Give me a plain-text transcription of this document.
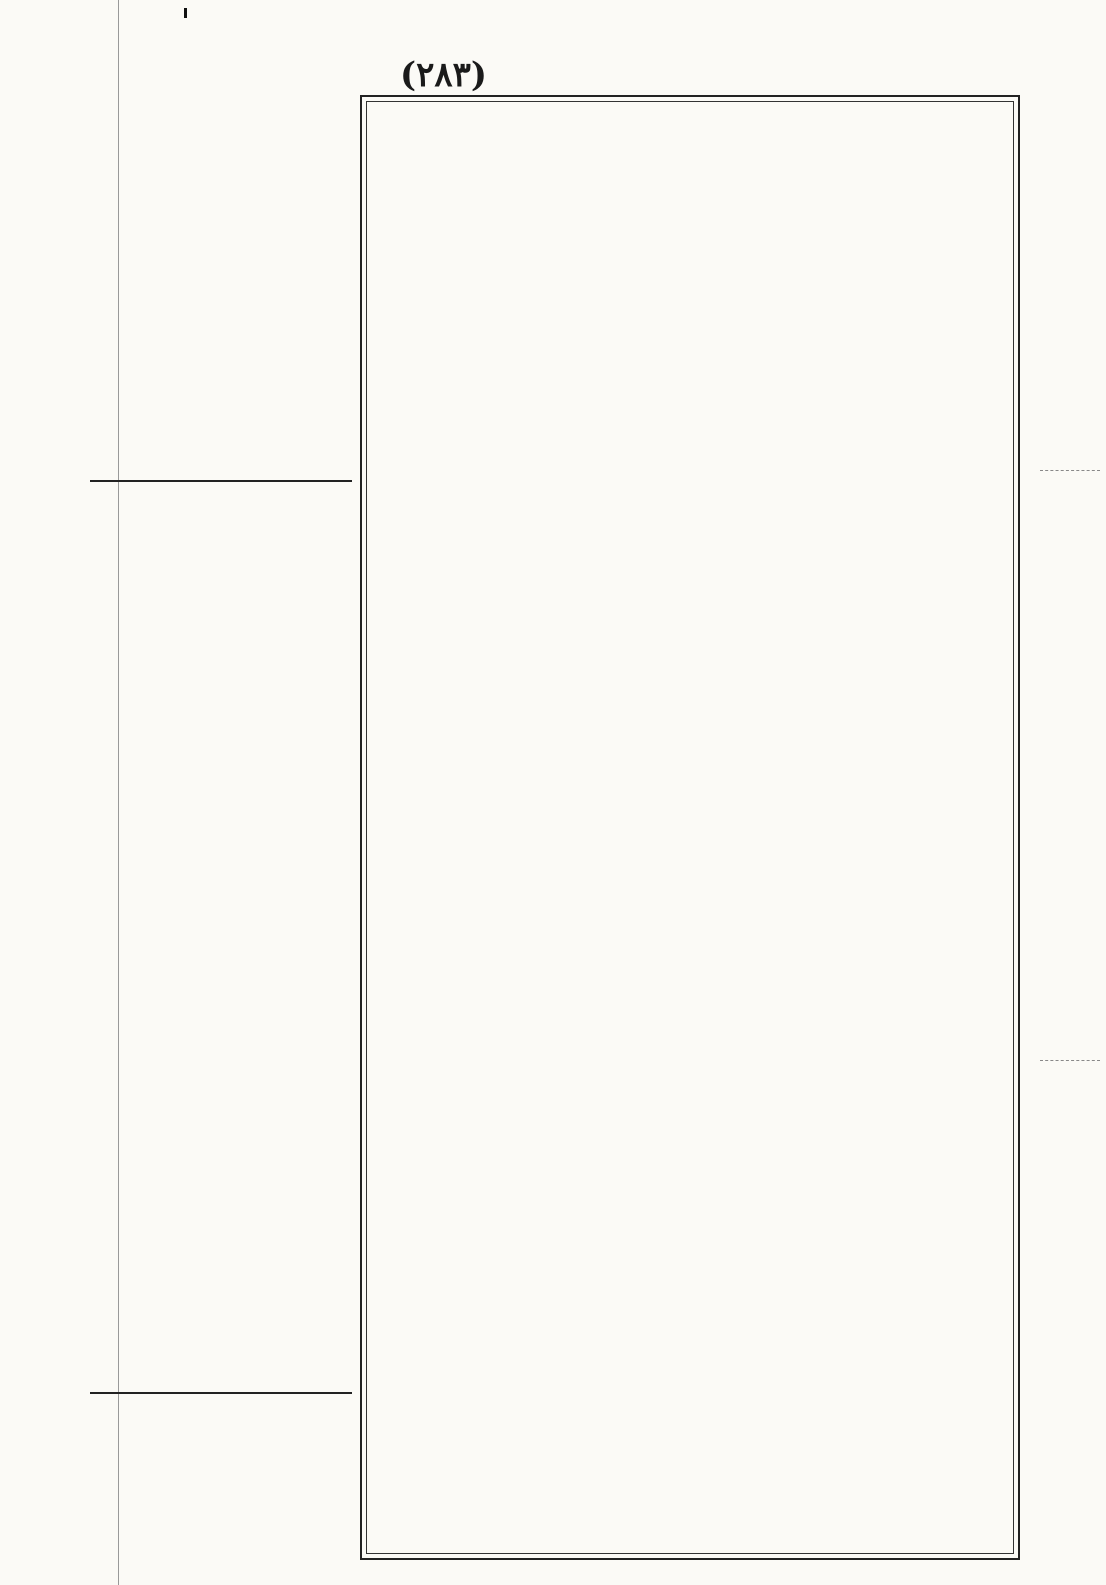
(٢٨٣)
